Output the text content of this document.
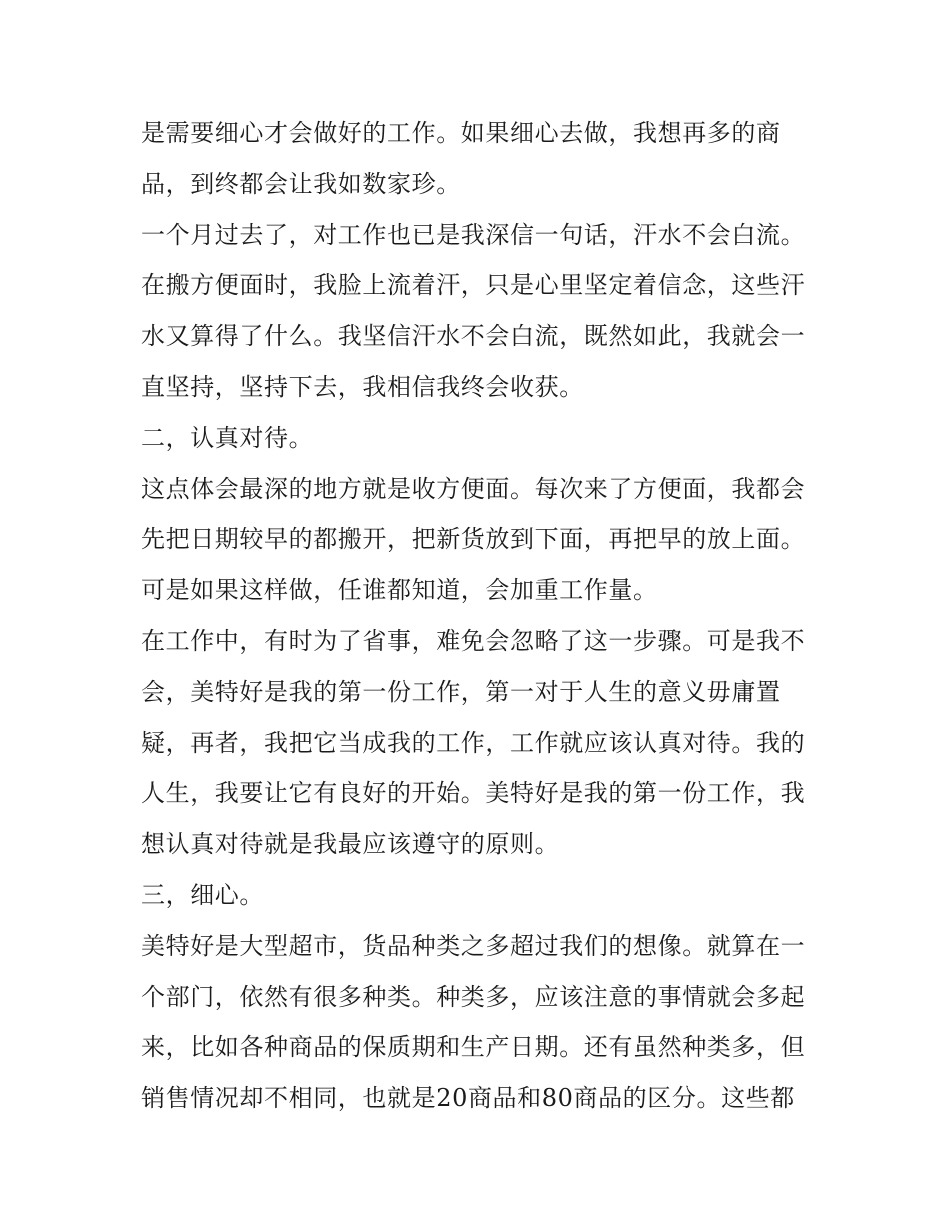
是需要细心才会做好的工作。如果细心去做，我想再多的商
品，到终都会让我如数家珍。

一个月过去了，对工作也已是我深信一句话，汗水不会白流。
在搬方便面时，我脸上流着汗，只是心里坚定着信念，这些汗
水又算得了什么。我坚信汗水不会白流，既然如此，我就会一
直坚持，坚持下去，我相信我终会收获。

二，认真对待。

这点体会最深的地方就是收方便面。每次来了方便面，我都会
先把日期较早的都搬开，把新货放到下面，再把早的放上面。
可是如果这样做，任谁都知道，会加重工作量。

在工作中，有时为了省事，难免会忽略了这一步骤。可是我不
会，美特好是我的第一份工作，第一对于人生的意义毋庸置
疑，再者，我把它当成我的工作，工作就应该认真对待。我的
人生，我要让它有良好的开始。美特好是我的第一份工作，我
想认真对待就是我最应该遵守的原则。

三，细心。

美特好是大型超市，货品种类之多超过我们的想像。就算在一
个部门，依然有很多种类。种类多，应该注意的事情就会多起
来，比如各种商品的保质期和生产日期。还有虽然种类多，但
销售情况却不相同，也就是20商品和80商品的区分。这些都
